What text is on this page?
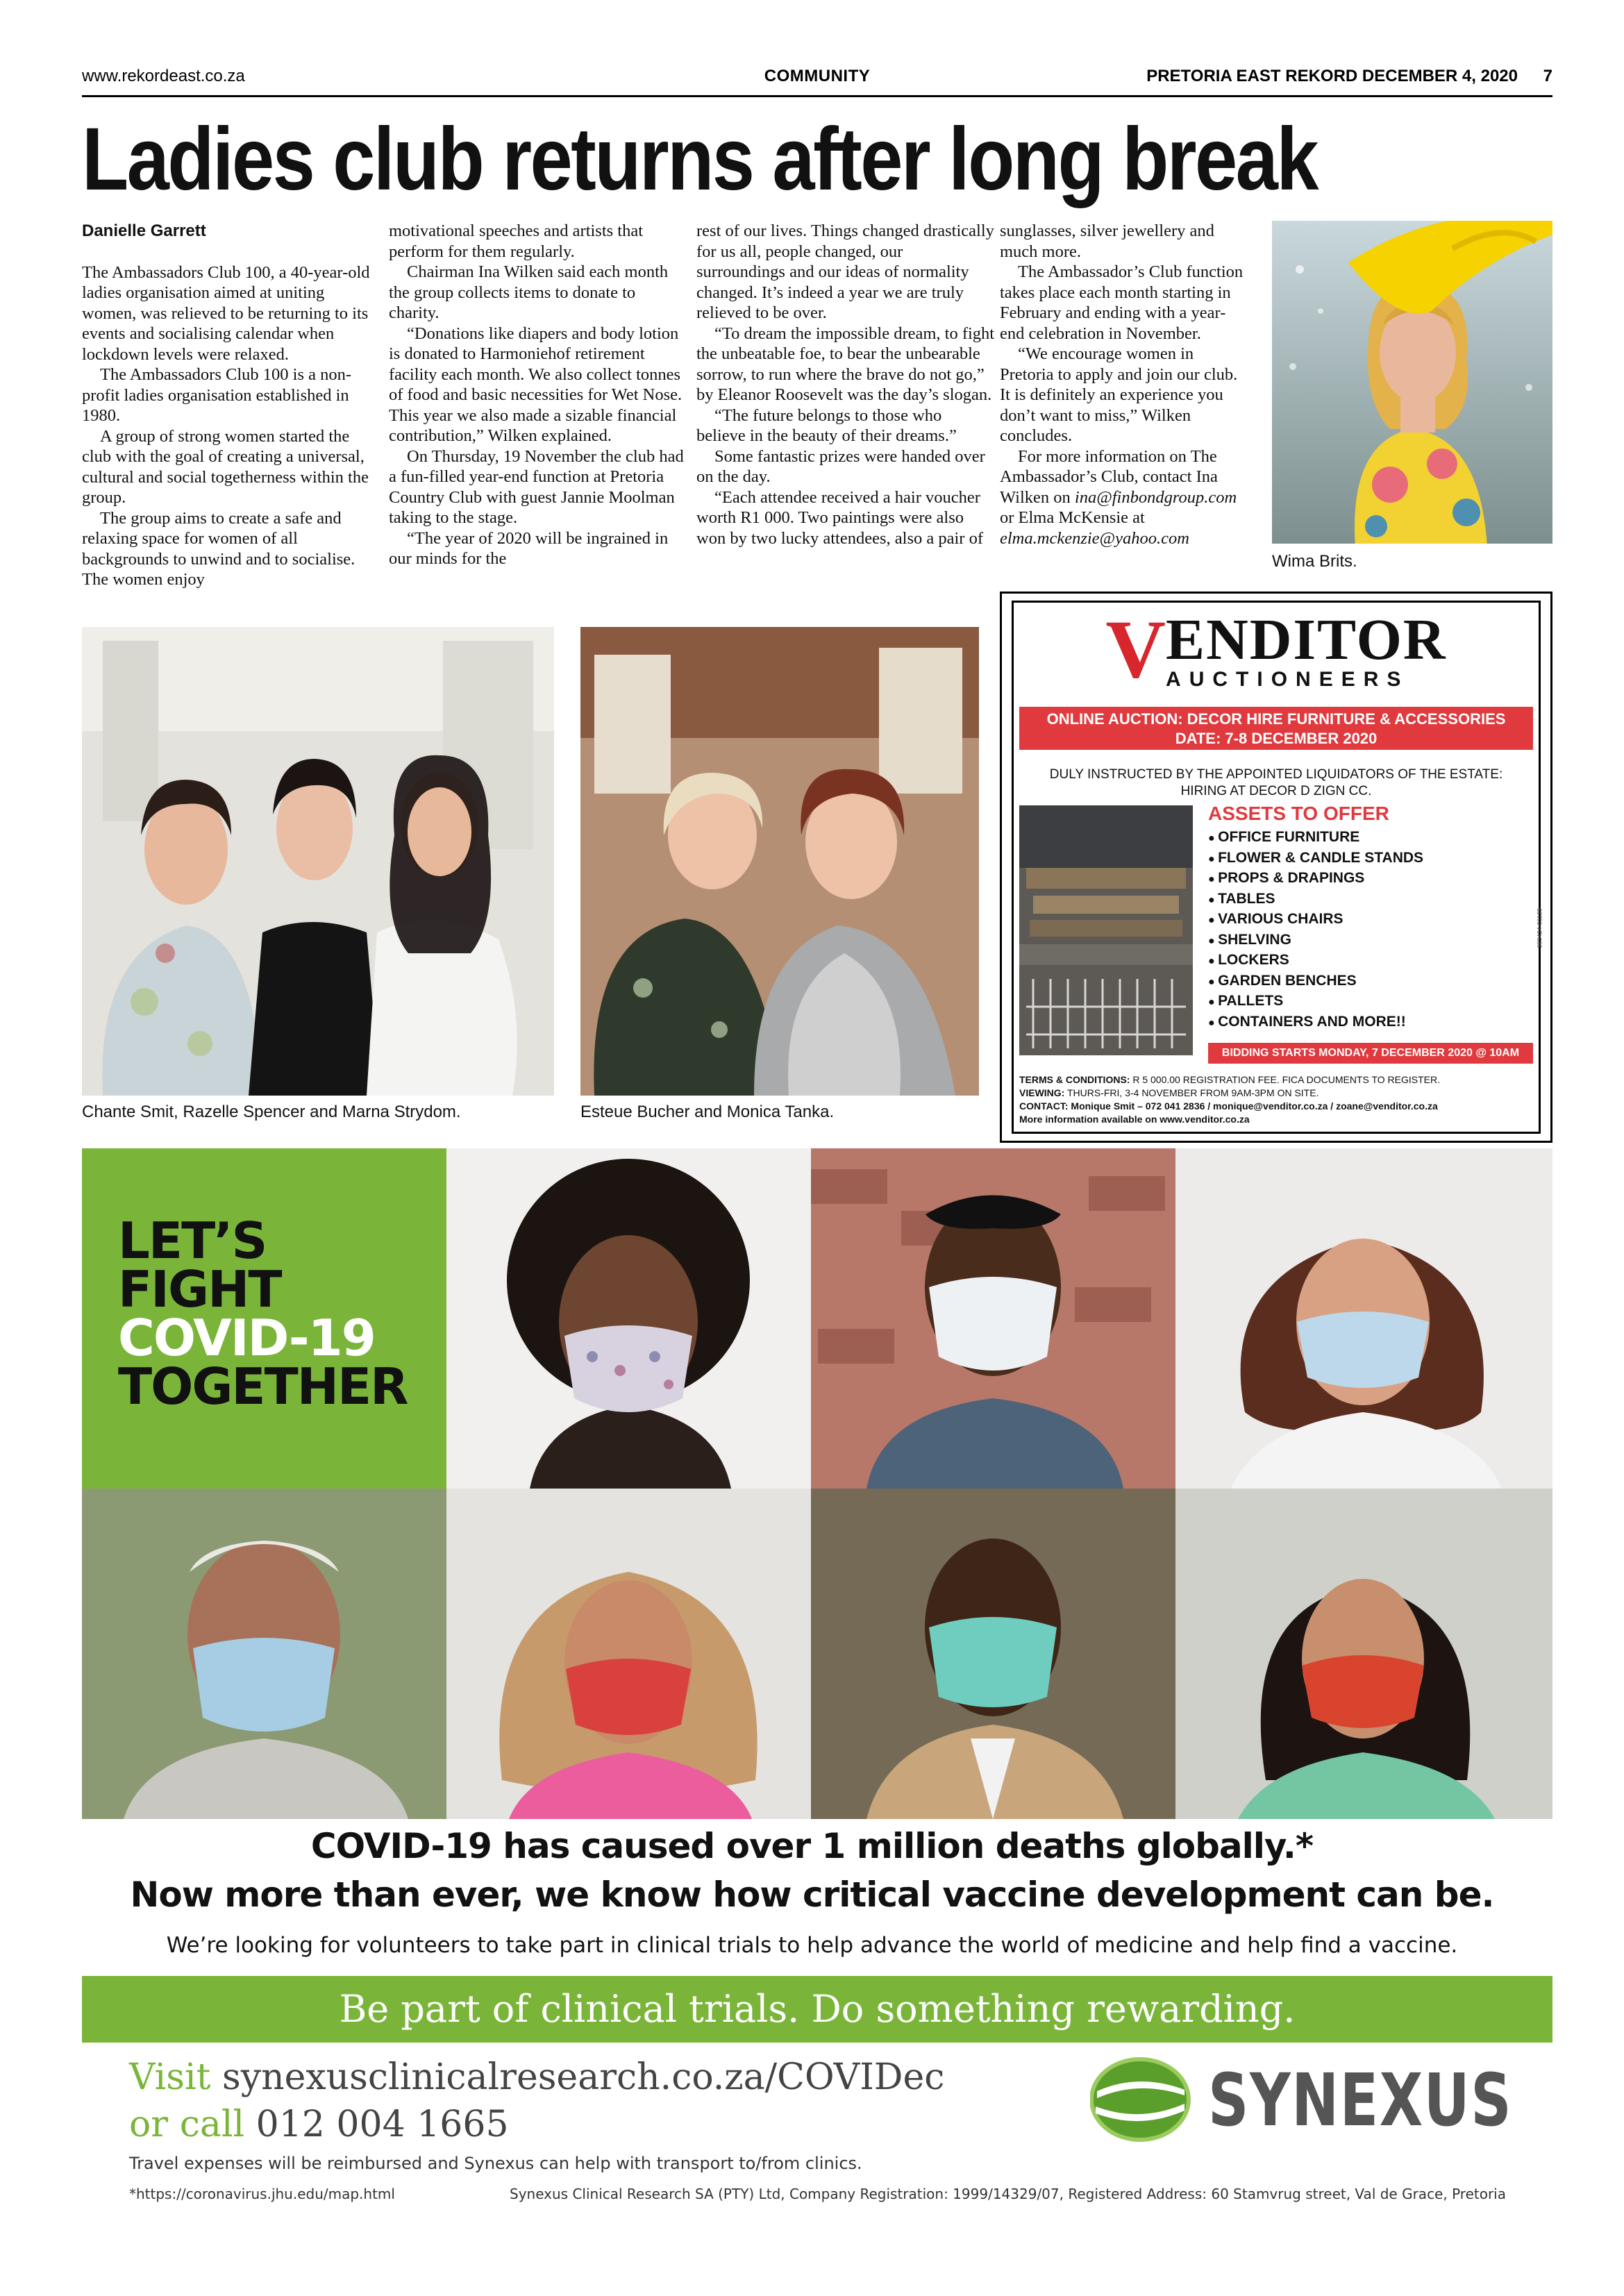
www.rekordeast.co.za	COMMUNITY	PRETORIA EAST REKORD DECEMBER 4, 2020 7
Ladies club returns after long break

Danielle Garrett

The Ambassadors Club 100, a 40-year-old ladies organisation aimed at uniting women, was relieved to be returning to its events and socialising calendar when lockdown levels were relaxed.

The Ambassadors Club 100 is a non-profit ladies organisation established in 1980.

A group of strong women started the club with the goal of creating a universal, cultural and social togetherness within the group.

The group aims to create a safe and relaxing space for women of all backgrounds to unwind and to socialise. The women enjoy

motivational speeches and artists that perform for them regularly.

Chairman Ina Wilken said each month the group collects items to donate to charity.

“Donations like diapers and body lotion is donated to Harmoniehof retirement facility each month. We also collect tonnes of food and basic necessities for Wet Nose. This year we also made a sizable financial contribution,” Wilken explained.

On Thursday, 19 November the club had a fun-filled year-end function at Pretoria Country Club with guest Jannie Moolman taking to the stage.

“The year of 2020 will be ingrained in our minds for the

rest of our lives. Things changed drastically for us all, people changed, our surroundings and our ideas of normality changed. It’s indeed a year we are truly relieved to be over.

“To dream the impossible dream, to fight the unbeatable foe, to bear the unbearable sorrow, to run where the brave do not go,” by Eleanor Roosevelt was the day’s slogan.

“The future belongs to those who believe in the beauty of their dreams.”

Some fantastic prizes were handed over on the day.

“Each attendee received a hair voucher worth R1 000. Two paintings were also won by two lucky attendees, also a pair of

sunglasses, silver jewellery and much more.

The Ambassador’s Club function takes place each month starting in February and ending with a year-end celebration in November.

“We encourage women in Pretoria to apply and join our club. It is definitely an experience you don’t want to miss,” Wilken concludes.

For more information on The Ambassador’s Club, contact Ina Wilken on ina@finbondgroup.com or Elma McKensie at elma.mckenzie@yahoo.com

Wima Brits.
Chante Smit, Razelle Spencer and Marna Strydom.	Esteue Bucher and Monica Tanka.
V ENDITOR
AUCTIONEERS
ONLINE AUCTION: DECOR HIRE FURNITURE & ACCESSORIES
DATE: 7-8 DECEMBER 2020
DULY INSTRUCTED BY THE APPOINTED LIQUIDATORS OF THE ESTATE:
HIRING AT DECOR D ZIGN CC.
ASSETS TO OFFER
● OFFICE FURNITURE
● FLOWER & CANDLE STANDS
● PROPS & DRAPINGS
● TABLES
● VARIOUS CHAIRS
● SHELVING
● LOCKERS
● GARDEN BENCHES
● PALLETS
● CONTAINERS AND MORE!!
383424-01129
BIDDING STARTS MONDAY, 7 DECEMBER 2020 @ 10AM
TERMS & CONDITIONS: R 5 000.00 REGISTRATION FEE. FICA DOCUMENTS TO REGISTER.
VIEWING: THURS-FRI, 3-4 NOVEMBER FROM 9AM-3PM ON SITE.
CONTACT: Monique Smit – 072 041 2836 / monique@venditor.co.za / zoane@venditor.co.za
More information available on www.venditor.co.za
LET’S
FIGHT
COVID-19
TOGETHER
COVID-19 has caused over 1 million deaths globally.*
Now more than ever, we know how critical vaccine development can be.
We’re looking for volunteers to take part in clinical trials to help advance the world of medicine and help find a vaccine.
Be part of clinical trials. Do something rewarding.
Visit synexusclinicalresearch.co.za/COVIDec
or call 012 004 1665	SYNEXUS
Travel expenses will be reimbursed and Synexus can help with transport to/from clinics.
*https://coronavirus.jhu.edu/map.html	Synexus Clinical Research SA (PTY) Ltd, Company Registration: 1999/14329/07, Registered Address: 60 Stamvrug street, Val de Grace, Pretoria
